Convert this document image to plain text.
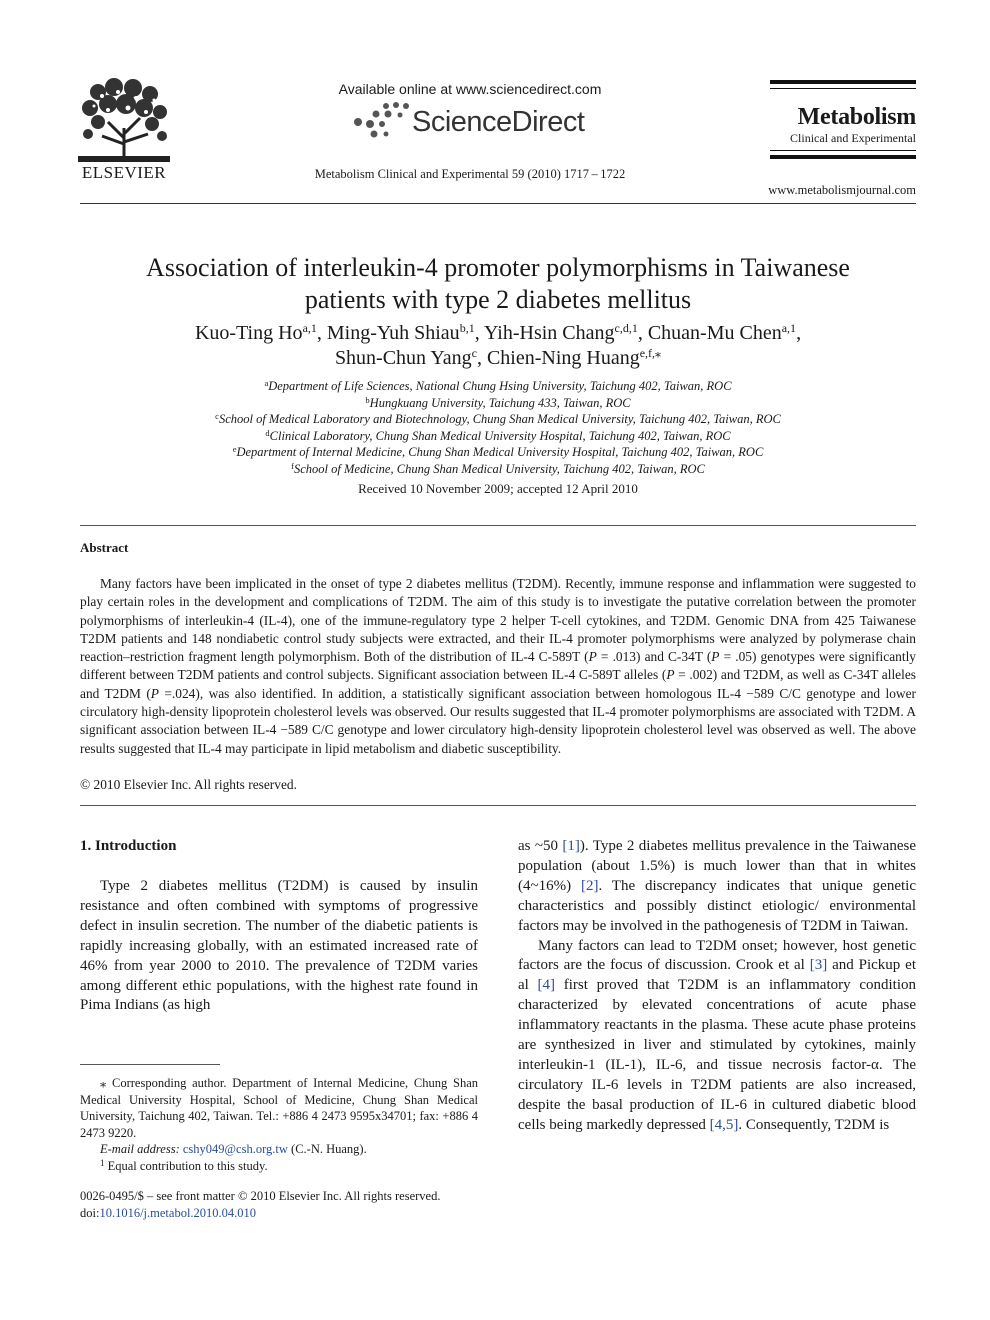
ELSEVIER
Available online at www.sciencedirect.com
ScienceDirect
Metabolism Clinical and Experimental 59 (2010) 1717 – 1722
Metabolism
Clinical and Experimental
www.metabolismjournal.com
Association of interleukin-4 promoter polymorphisms in Taiwanese
patients with type 2 diabetes mellitus
Kuo-Ting Ho$^{a,1}$, Ming-Yuh Shiau$^{b,1}$, Yih-Hsin Chang$^{c,d,1}$, Chuan-Mu Chen$^{a,1}$,
Shun-Chun Yang$^c$, Chien-Ning Huang$^{e,f,⁎}$
$^a$Department of Life Sciences, National Chung Hsing University, Taichung 402, Taiwan, ROC
$^b$Hungkuang University, Taichung 433, Taiwan, ROC
$^c$School of Medical Laboratory and Biotechnology, Chung Shan Medical University, Taichung 402, Taiwan, ROC
$^d$Clinical Laboratory, Chung Shan Medical University Hospital, Taichung 402, Taiwan, ROC
$^e$Department of Internal Medicine, Chung Shan Medical University Hospital, Taichung 402, Taiwan, ROC
$^f$School of Medicine, Chung Shan Medical University, Taichung 402, Taiwan, ROC
Received 10 November 2009; accepted 12 April 2010
Abstract
Many factors have been implicated in the onset of type 2 diabetes mellitus (T2DM). Recently, immune response and inflammation were suggested to play certain roles in the development and complications of T2DM. The aim of this study is to investigate the putative correlation between the promoter polymorphisms of interleukin-4 (IL-4), one of the immune-regulatory type 2 helper T-cell cytokines, and T2DM. Genomic DNA from 425 Taiwanese T2DM patients and 148 nondiabetic control study subjects were extracted, and their IL-4 promoter polymorphisms were analyzed by polymerase chain reaction–restriction fragment length polymorphism. Both of the distribution of IL-4 C-589T (P = .013) and C-34T (P = .05) genotypes were significantly different between T2DM patients and control subjects. Significant association between IL-4 C-589T alleles (P = .002) and T2DM, as well as C-34T alleles and T2DM (P =.024), was also identified. In addition, a statistically significant association between homologous IL-4 −589 C/C genotype and lower circulatory high-density lipoprotein cholesterol levels was observed. Our results suggested that IL-4 promoter polymorphisms are associated with T2DM. A significant association between IL-4 −589 C/C genotype and lower circulatory high-density lipoprotein cholesterol level was observed as well. The above results suggested that IL-4 may participate in lipid metabolism and diabetic susceptibility.
© 2010 Elsevier Inc. All rights reserved.
1. Introduction
Type 2 diabetes mellitus (T2DM) is caused by insulin resistance and often combined with symptoms of progressive defect in insulin secretion. The number of the diabetic patients is rapidly increasing globally, with an estimated increased rate of 46% from year 2000 to 2010. The prevalence of T2DM varies among different ethic populations, with the highest rate found in Pima Indians (as high

as ~50 [1]). Type 2 diabetes mellitus prevalence in the Taiwanese population (about 1.5%) is much lower than that in whites (4~16%) [2]. The discrepancy indicates that unique genetic characteristics and possibly distinct etiologic/ environmental factors may be involved in the pathogenesis of T2DM in Taiwan.

Many factors can lead to T2DM onset; however, host genetic factors are the focus of discussion. Crook et al [3] and Pickup et al [4] first proved that T2DM is an inflammatory condition characterized by elevated concentrations of acute phase inflammatory reactants in the plasma. These acute phase proteins are synthesized in liver and stimulated by cytokines, mainly interleukin-1 (IL-1), IL-6, and tissue necrosis factor-α. The circulatory IL-6 levels in T2DM patients are also increased, despite the basal production of IL-6 in cultured diabetic blood cells being markedly depressed [4,5]. Consequently, T2DM is

⁎ Corresponding author. Department of Internal Medicine, Chung Shan Medical University Hospital, School of Medicine, Chung Shan Medical University, Taichung 402, Taiwan. Tel.: +886 4 2473 9595x34701; fax: +886 4 2473 9220.
E-mail address: cshy049@csh.org.tw (C.-N. Huang).
$^1$ Equal contribution to this study.
0026-0495/$ – see front matter © 2010 Elsevier Inc. All rights reserved.
doi:10.1016/j.metabol.2010.04.010
